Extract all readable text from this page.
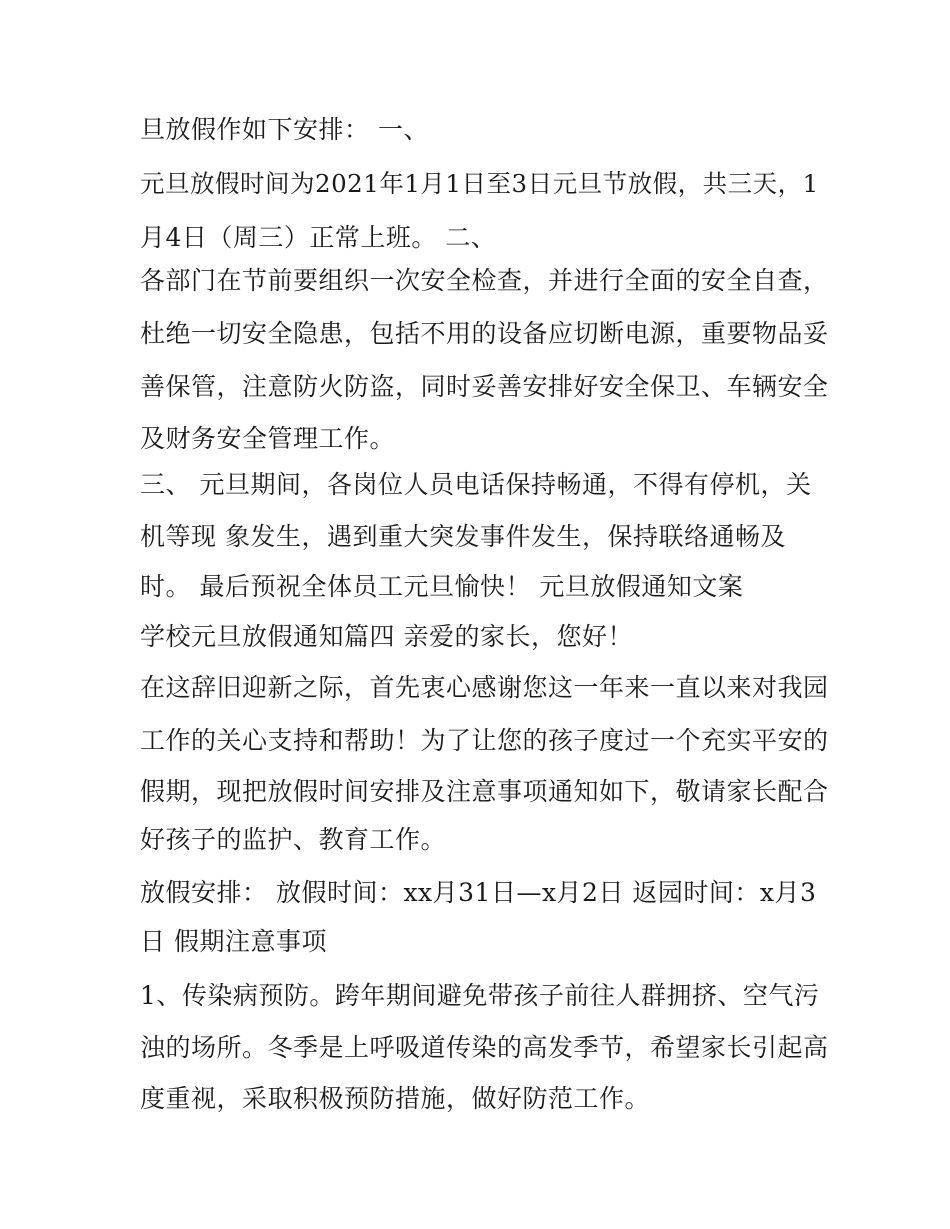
旦放假作如下安排： 一、
元旦放假时间为2021年1月1日至3日元旦节放假，共三天，1
月4日（周三）正常上班。 二、
各部门在节前要组织一次安全检查，并进行全面的安全自查，
杜绝一切安全隐患，包括不用的设备应切断电源，重要物品妥
善保管，注意防火防盗，同时妥善安排好安全保卫、车辆安全
及财务安全管理工作。
三、 元旦期间，各岗位人员电话保持畅通，不得有停机，关
机等现 象发生，遇到重大突发事件发生，保持联络通畅及
时。 最后预祝全体员工元旦愉快！ 元旦放假通知文案
学校元旦放假通知篇四 亲爱的家长，您好！
在这辞旧迎新之际，首先衷心感谢您这一年来一直以来对我园
工作的关心支持和帮助！为了让您的孩子度过一个充实平安的
假期，现把放假时间安排及注意事项通知如下，敬请家长配合
好孩子的监护、教育工作。
放假安排： 放假时间：xx月31日—x月2日 返园时间：x月3
日 假期注意事项
1、传染病预防。跨年期间避免带孩子前往人群拥挤、空气污
浊的场所。冬季是上呼吸道传染的高发季节，希望家长引起高
度重视，采取积极预防措施，做好防范工作。
